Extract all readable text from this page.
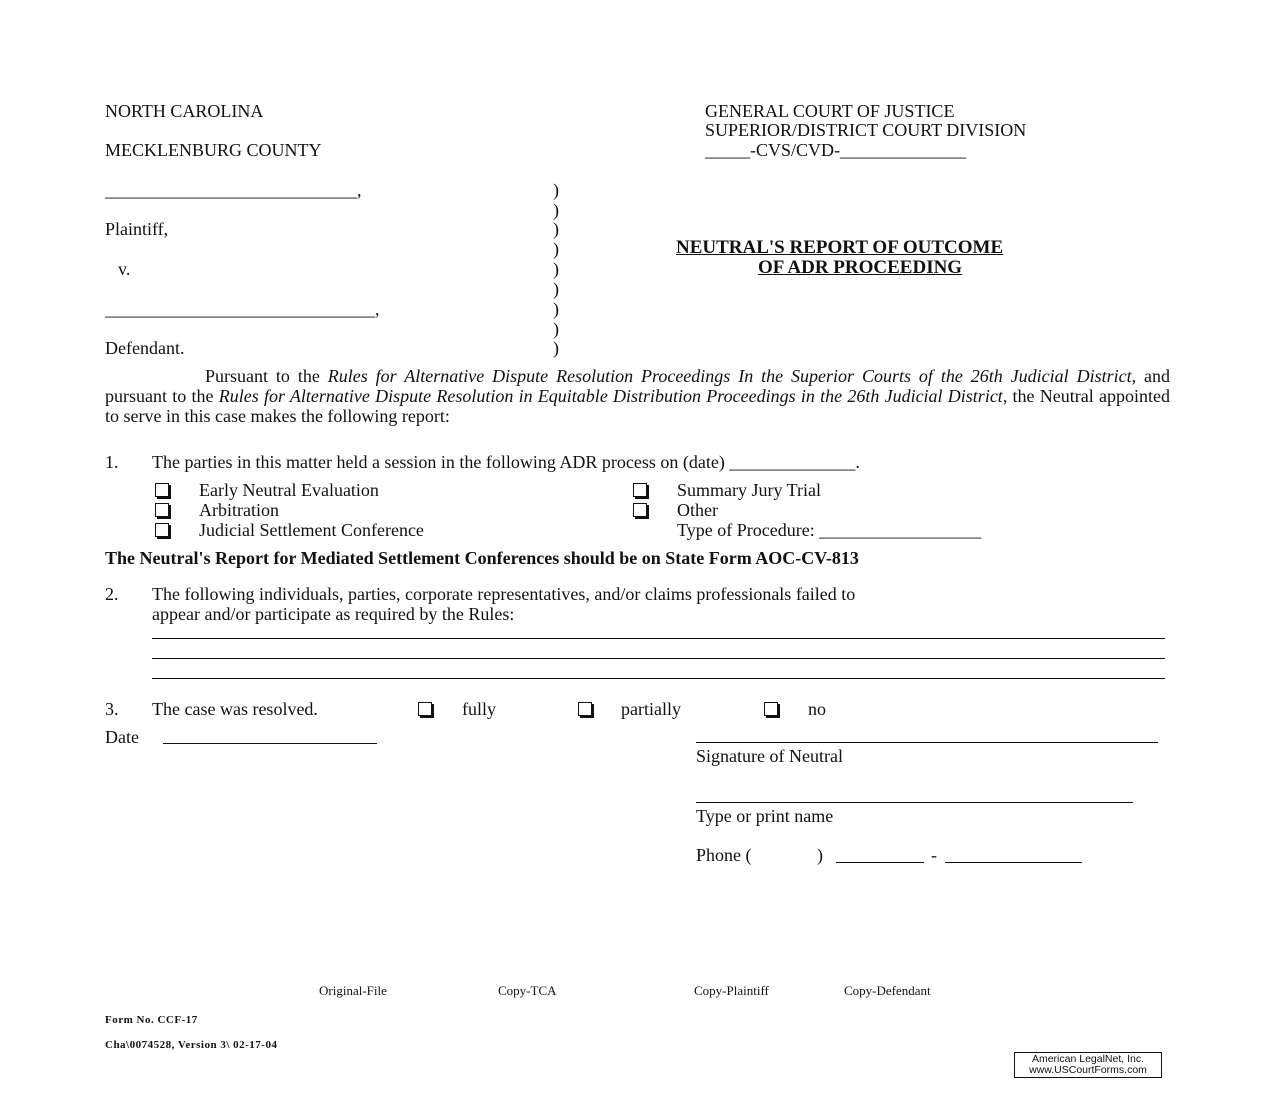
NORTH CAROLINA
MECKLENBURG COUNTY
GENERAL COURT OF JUSTICE
SUPERIOR/DISTRICT COURT DIVISION
_____-CVS/CVD-______________
____________________________,
Plaintiff,
v.
______________________________,
Defendant.
)
)
)
)
)
)
)
)
)
NEUTRAL'S REPORT OF OUTCOME
OF ADR PROCEEDING
Pursuant to the Rules for Alternative Dispute Resolution Proceedings In the Superior Courts of the 26th Judicial District, and pursuant to the Rules for Alternative Dispute Resolution in Equitable Distribution Proceedings in the 26th Judicial District, the Neutral appointed to serve in this case makes the following report:
1. The parties in this matter held a session in the following ADR process on (date) ______________.
Early Neutral Evaluation
Arbitration
Judicial Settlement Conference
Summary Jury Trial
Other
Type of Procedure: __________________
The Neutral's Report for Mediated Settlement Conferences should be on State Form AOC-CV-813
2. The following individuals, parties, corporate representatives, and/or claims professionals failed to
appear and/or participate as required by the Rules:
3. The case was resolved.	fully	partially	no
Date
Signature of Neutral
Type or print name
Phone (	)	-
Original-File	Copy-TCA	Copy-Plaintiff	Copy-Defendant
Form No. CCF-17
Cha\0074528, Version 3\ 02-17-04
American LegalNet, Inc.
www.USCourtForms.com
